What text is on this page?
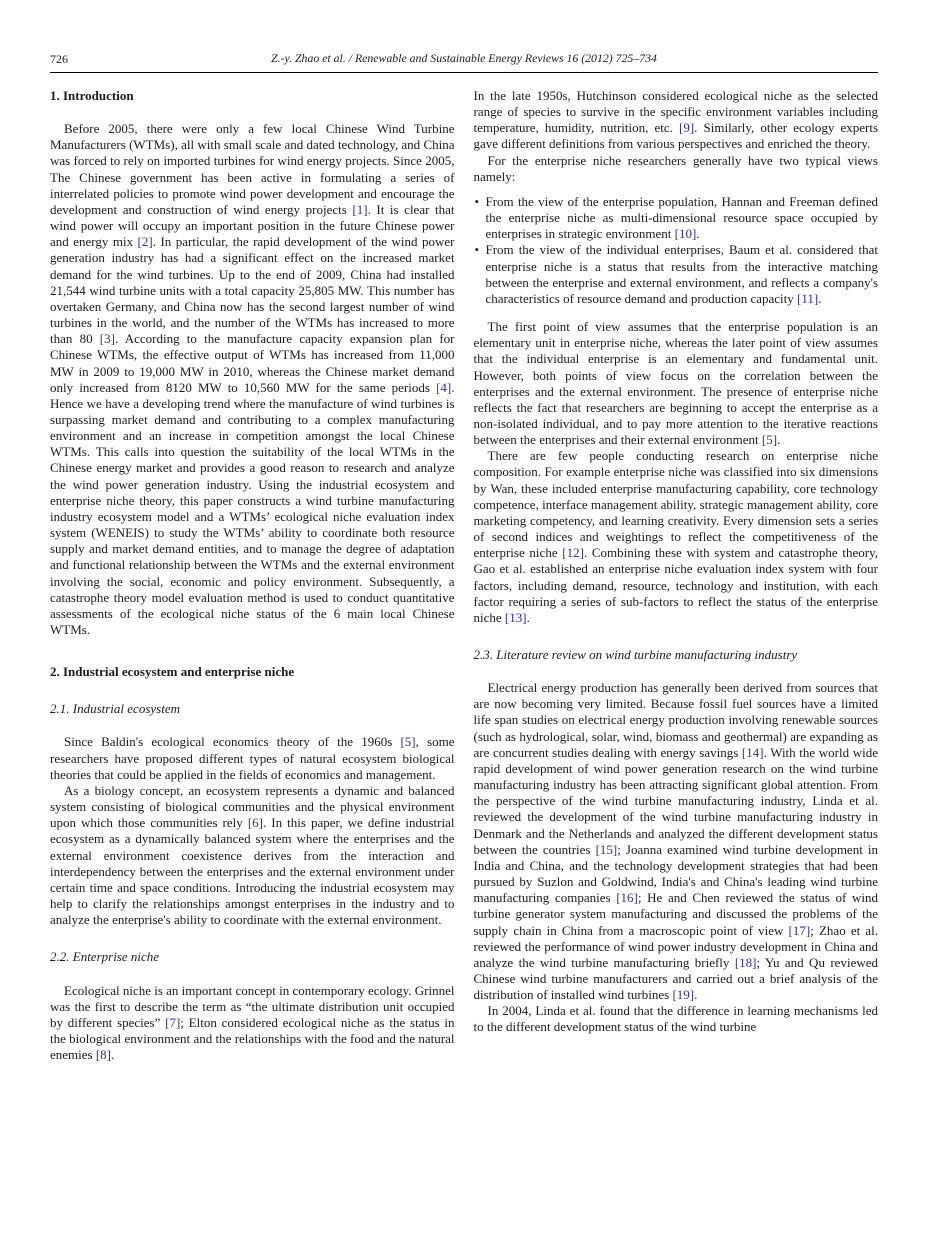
726	Z.-y. Zhao et al. / Renewable and Sustainable Energy Reviews 16 (2012) 725–734
1. Introduction

Before 2005, there were only a few local Chinese Wind Turbine Manufacturers (WTMs), all with small scale and dated technology, and China was forced to rely on imported turbines for wind energy projects. Since 2005, The Chinese government has been active in formulating a series of interrelated policies to promote wind power development and encourage the development and construction of wind energy projects [1]. It is clear that wind power will occupy an important position in the future Chinese power and energy mix [2]. In particular, the rapid development of the wind power generation industry has had a significant effect on the increased market demand for the wind turbines. Up to the end of 2009, China had installed 21,544 wind turbine units with a total capacity 25,805 MW. This number has overtaken Germany, and China now has the second largest number of wind turbines in the world, and the number of the WTMs has increased to more than 80 [3]. According to the manufacture capacity expansion plan for Chinese WTMs, the effective output of WTMs has increased from 11,000 MW in 2009 to 19,000 MW in 2010, whereas the Chinese market demand only increased from 8120 MW to 10,560 MW for the same periods [4]. Hence we have a developing trend where the manufacture of wind turbines is surpassing market demand and contributing to a complex manufacturing environment and an increase in competition amongst the local Chinese WTMs. This calls into question the suitability of the local WTMs in the Chinese energy market and provides a good reason to research and analyze the wind power generation industry. Using the industrial ecosystem and enterprise niche theory, this paper constructs a wind turbine manufacturing industry ecosystem model and a WTMs’ ecological niche evaluation index system (WENEIS) to study the WTMs’ ability to coordinate both resource supply and market demand entities, and to manage the degree of adaptation and functional relationship between the WTMs and the external environment involving the social, economic and policy environment. Subsequently, a catastrophe theory model evaluation method is used to conduct quantitative assessments of the ecological niche status of the 6 main local Chinese WTMs.

2. Industrial ecosystem and enterprise niche
2.1. Industrial ecosystem

Since Baldin's ecological economics theory of the 1960s [5], some researchers have proposed different types of natural ecosystem biological theories that could be applied in the fields of economics and management.

As a biology concept, an ecosystem represents a dynamic and balanced system consisting of biological communities and the physical environment upon which those communities rely [6]. In this paper, we define industrial ecosystem as a dynamically balanced system where the enterprises and the external environment coexistence derives from the interaction and interdependency between the enterprises and the external environment under certain time and space conditions. Introducing the industrial ecosystem may help to clarify the relationships amongst enterprises in the industry and to analyze the enterprise's ability to coordinate with the external environment.

2.2. Enterprise niche

Ecological niche is an important concept in contemporary ecology. Grinnel was the first to describe the term as “the ultimate distribution unit occupied by different species” [7]; Elton considered ecological niche as the status in the biological environment and the relationships with the food and the natural enemies [8].

In the late 1950s, Hutchinson considered ecological niche as the selected range of species to survive in the specific environment variables including temperature, humidity, nutrition, etc. [9]. Similarly, other ecology experts gave different definitions from various perspectives and enriched the theory.

For the enterprise niche researchers generally have two typical views namely:

• From the view of the enterprise population, Hannan and Freeman defined the enterprise niche as multi-dimensional resource space occupied by enterprises in strategic environment [10].
• From the view of the individual enterprises, Baum et al. considered that enterprise niche is a status that results from the interactive matching between the enterprise and external environment, and reflects a company's characteristics of resource demand and production capacity [11].

The first point of view assumes that the enterprise population is an elementary unit in enterprise niche, whereas the later point of view assumes that the individual enterprise is an elementary and fundamental unit. However, both points of view focus on the correlation between the enterprises and the external environment. The presence of enterprise niche reflects the fact that researchers are beginning to accept the enterprise as a non-isolated individual, and to pay more attention to the iterative reactions between the enterprises and their external environment [5].

There are few people conducting research on enterprise niche composition. For example enterprise niche was classified into six dimensions by Wan, these included enterprise manufacturing capability, core technology competence, interface management ability, strategic management ability, core marketing competency, and learning creativity. Every dimension sets a series of second indices and weightings to reflect the competitiveness of the enterprise niche [12]. Combining these with system and catastrophe theory, Gao et al. established an enterprise niche evaluation index system with four factors, including demand, resource, technology and institution, with each factor requiring a series of sub-factors to reflect the status of the enterprise niche [13].

2.3. Literature review on wind turbine manufacturing industry

Electrical energy production has generally been derived from sources that are now becoming very limited. Because fossil fuel sources have a limited life span studies on electrical energy production involving renewable sources (such as hydrological, solar, wind, biomass and geothermal) are expanding as are concurrent studies dealing with energy savings [14]. With the world wide rapid development of wind power generation research on the wind turbine manufacturing industry has been attracting significant global attention. From the perspective of the wind turbine manufacturing industry, Linda et al. reviewed the development of the wind turbine manufacturing industry in Denmark and the Netherlands and analyzed the different development status between the countries [15]; Joanna examined wind turbine development in India and China, and the technology development strategies that had been pursued by Suzlon and Goldwind, India's and China's leading wind turbine manufacturing companies [16]; He and Chen reviewed the status of wind turbine generator system manufacturing and discussed the problems of the supply chain in China from a macroscopic point of view [17]; Zhao et al. reviewed the performance of wind power industry development in China and analyze the wind turbine manufacturing briefly [18]; Yu and Qu reviewed Chinese wind turbine manufacturers and carried out a brief analysis of the distribution of installed wind turbines [19].

In 2004, Linda et al. found that the difference in learning mechanisms led to the different development status of the wind turbine
